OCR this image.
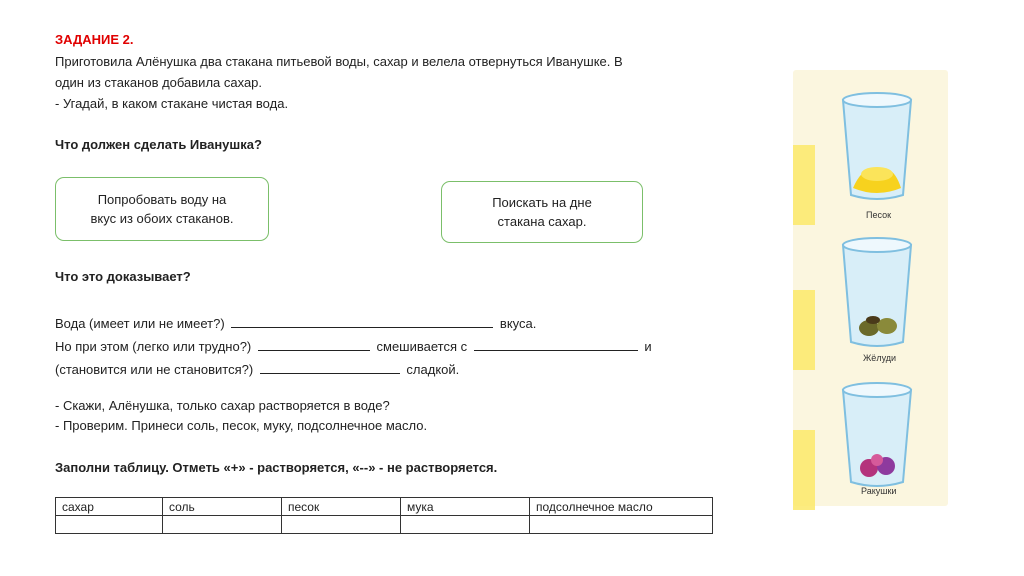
ЗАДАНИЕ 2.
Приготовила Алёнушка два стакана питьевой воды, сахар и велела отвернуться Иванушке. В
один из стаканов добавила сахар.
- Угадай, в каком стакане чистая вода.
Что должен сделать Иванушка?
Попробовать воду на
вкус из обоих стаканов.
Поискать на дне
стакана сахар.
Что это доказывает?
Вода (имеет или не имеет?)	вкуса.
Но при этом (легко или трудно?)	смешивается с	и
(становится или не становится?)	сладкой.
- Скажи, Алёнушка, только сахар растворяется в воде?
- Проверим. Принеси соль, песок, муку, подсолнечное масло.
Заполни таблицу. Отметь «+» - растворяется, «--» - не растворяется.
сахар	соль	песок	мука	подсолнечное масло

Песок
Жёлуди
Ракушки
